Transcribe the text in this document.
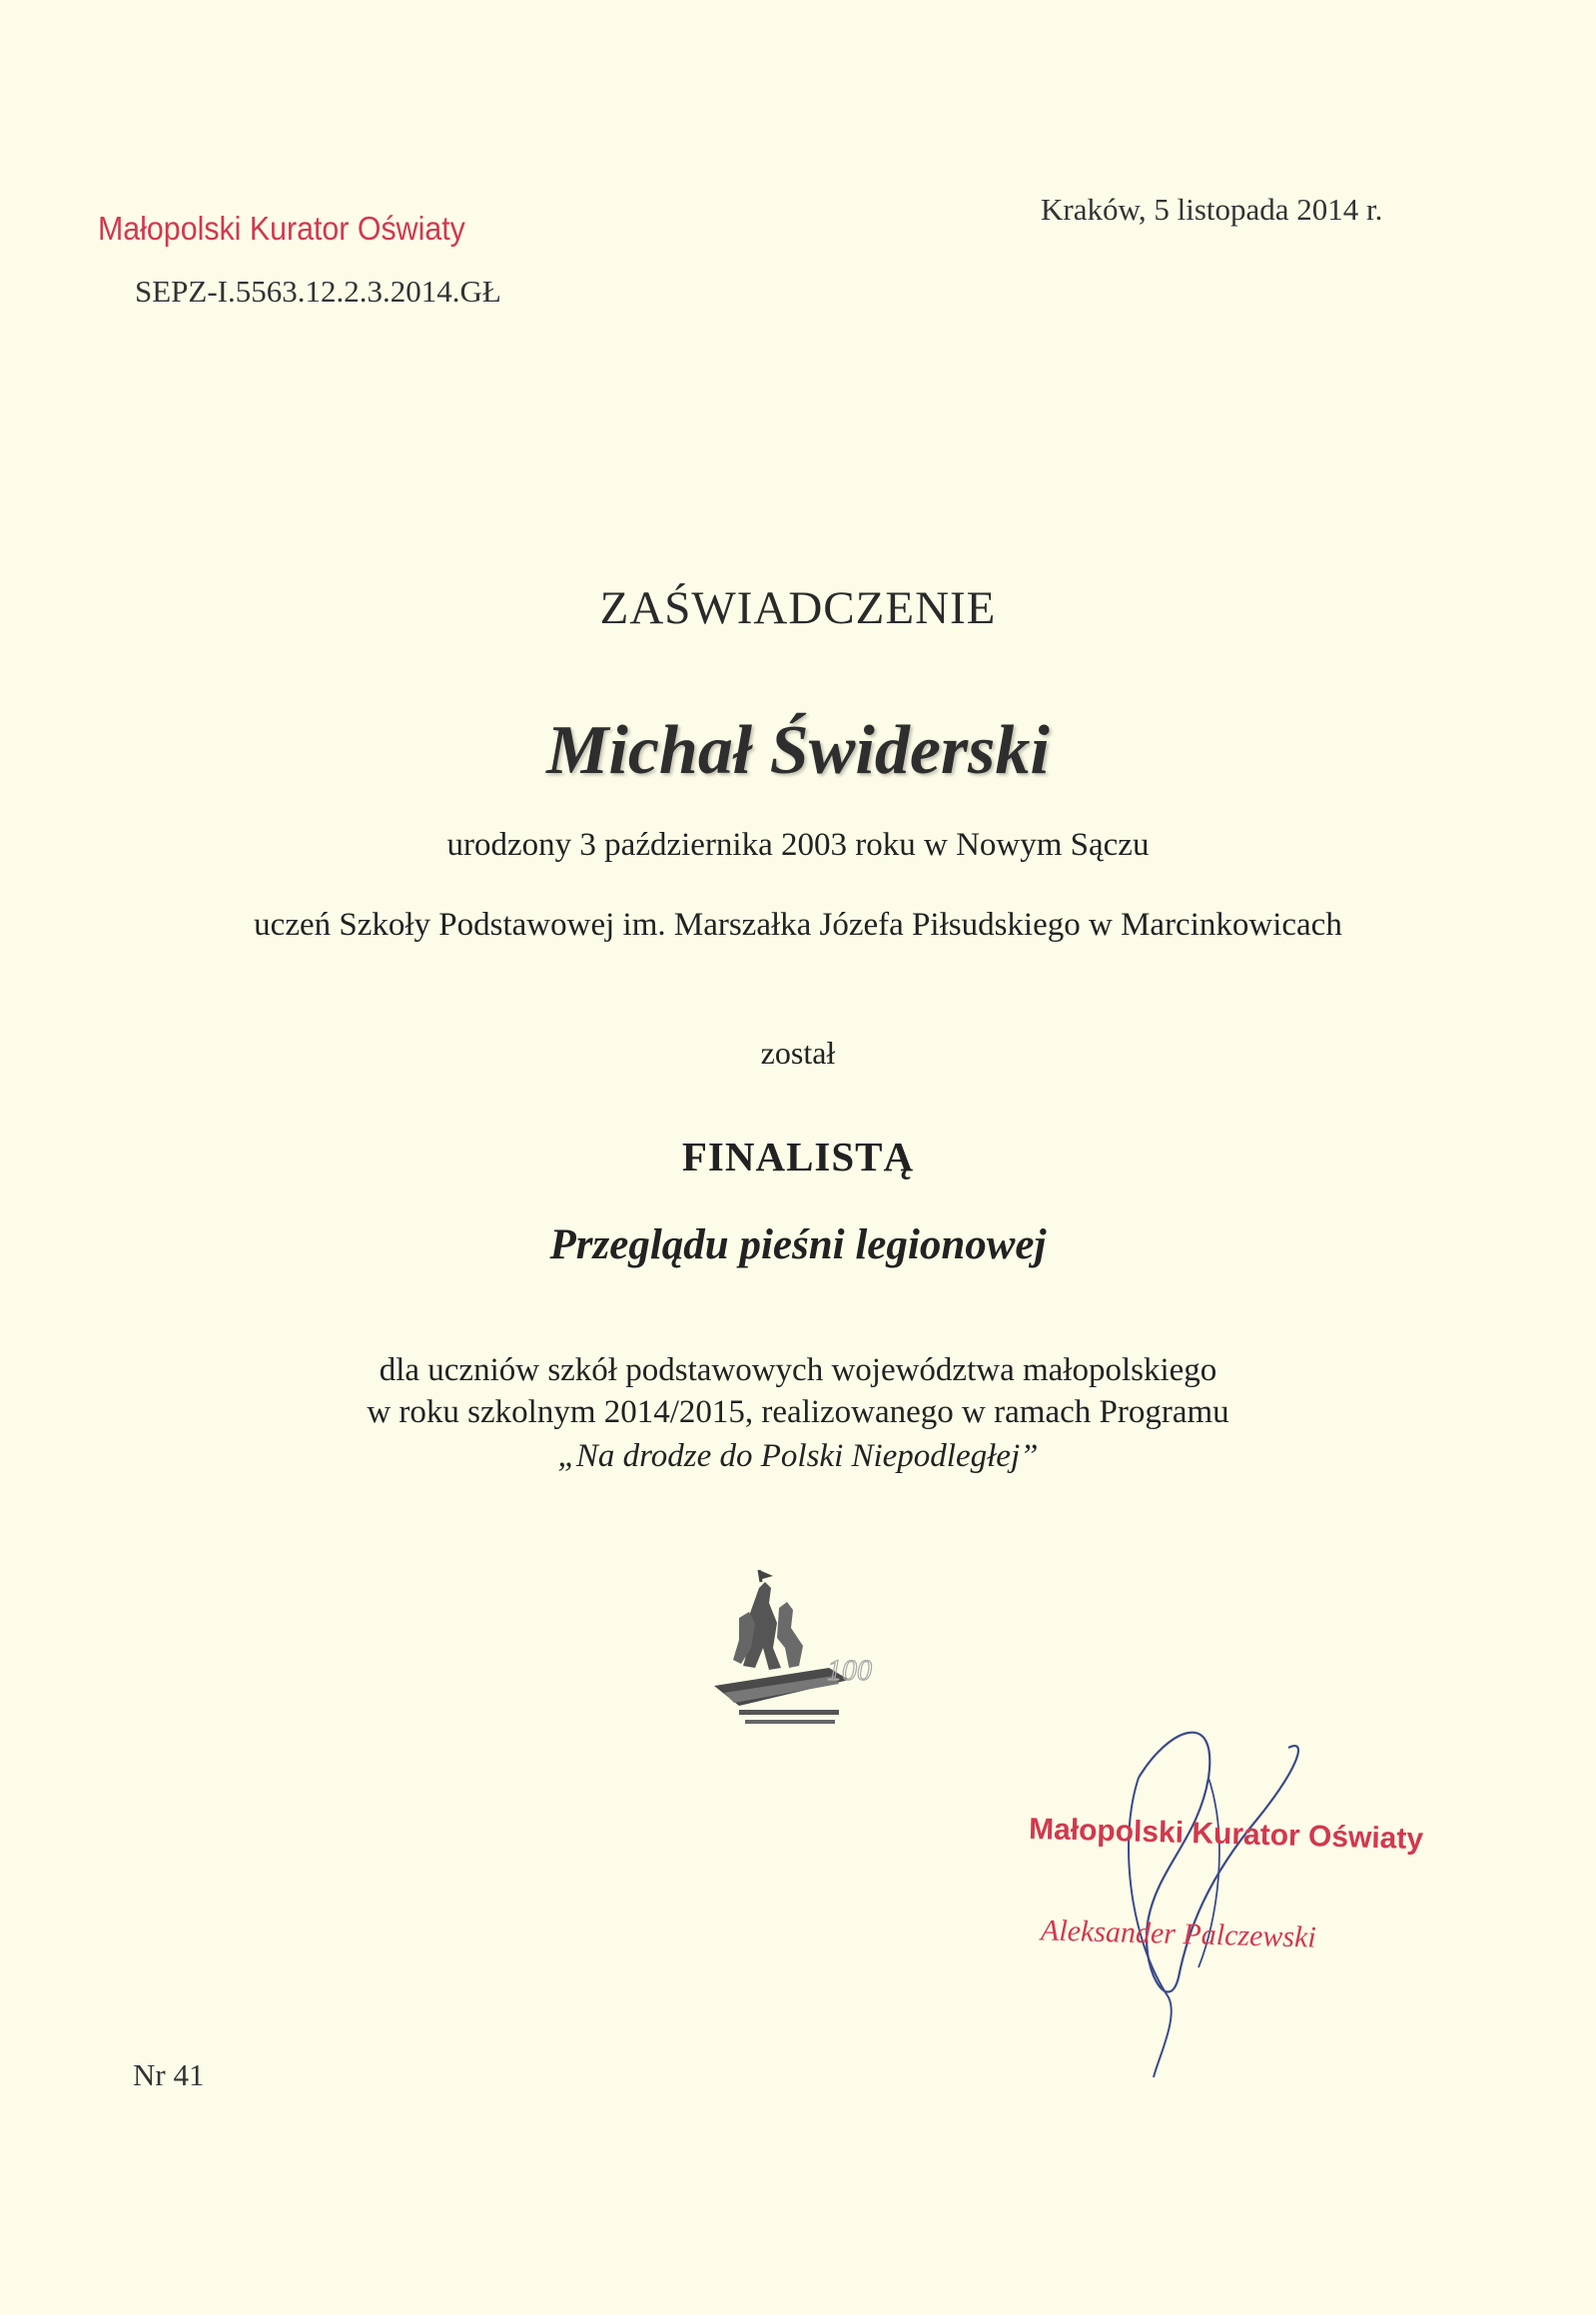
Małopolski Kurator Oświaty
SEPZ-I.5563.12.2.3.2014.GŁ
Kraków, 5 listopada 2014 r.
ZAŚWIADCZENIE
Michał Świderski
urodzony 3 października 2003 roku w Nowym Sączu
uczeń Szkoły Podstawowej im. Marszałka Józefa Piłsudskiego w Marcinkowicach
został
FINALISTĄ
Przeglądu pieśni legionowej
dla uczniów szkół podstawowych województwa małopolskiego
w roku szkolnym 2014/2015, realizowanego w ramach Programu
„Na drodze do Polski Niepodległej”
100
Małopolski Kurator Oświaty
Aleksander Palczewski
Nr 41
